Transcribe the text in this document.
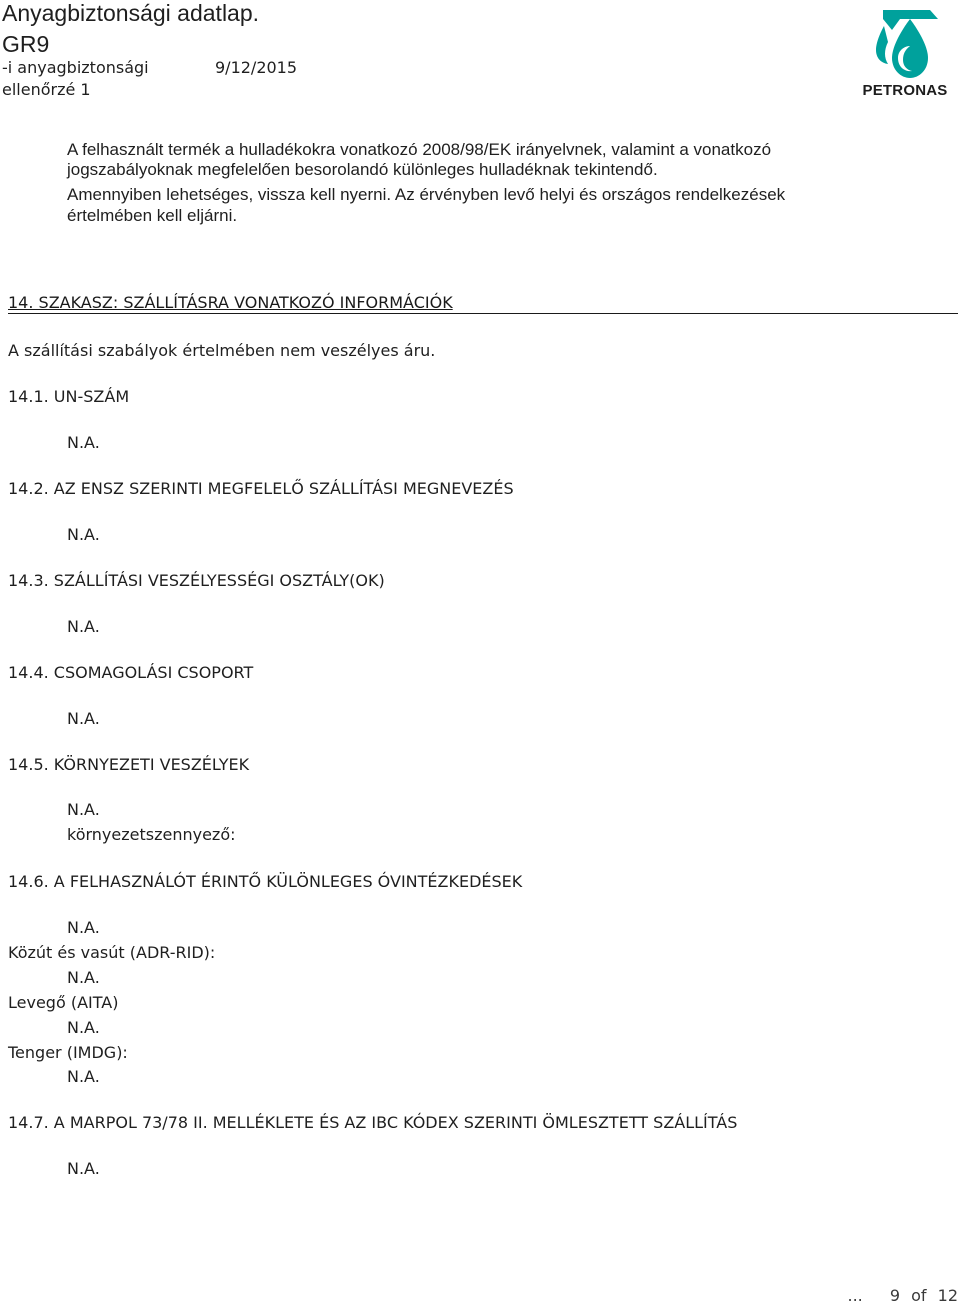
Anyagbiztonsági adatlap.
GR9
-i anyagbiztonsági
ellenőrzé 1
9/12/2015
PETRONAS
A felhasznált termék a hulladékokra vonatkozó 2008/98/EK irányelvnek, valamint a vonatkozó
jogszabályoknak megfelelően besorolandó különleges hulladéknak tekintendő.
Amennyiben lehetséges, vissza kell nyerni. Az érvényben levő helyi és országos rendelkezések
értelmében kell eljárni.
14. SZAKASZ: SZÁLLÍTÁSRA VONATKOZÓ INFORMÁCIÓK
A szállítási szabályok értelmében nem veszélyes áru.
14.1. UN-SZÁM
N.A.
14.2. AZ ENSZ SZERINTI MEGFELELŐ SZÁLLÍTÁSI MEGNEVEZÉS
N.A.
14.3. SZÁLLÍTÁSI VESZÉLYESSÉGI OSZTÁLY(OK)
N.A.
14.4. CSOMAGOLÁSI CSOPORT
N.A.
14.5. KÖRNYEZETI VESZÉLYEK
N.A.
környezetszennyező:
14.6. A FELHASZNÁLÓT ÉRINTŐ KÜLÖNLEGES ÓVINTÉZKEDÉSEK
N.A.
Közút és vasút (ADR-RID):
N.A.
Levegő (AITA)
N.A.
Tenger (IMDG):
N.A.
14.7. A MARPOL 73/78 II. MELLÉKLETE ÉS AZ IBC KÓDEX SZERINTI ÖMLESZTETT SZÁLLÍTÁS
N.A.
... 9 of 12
